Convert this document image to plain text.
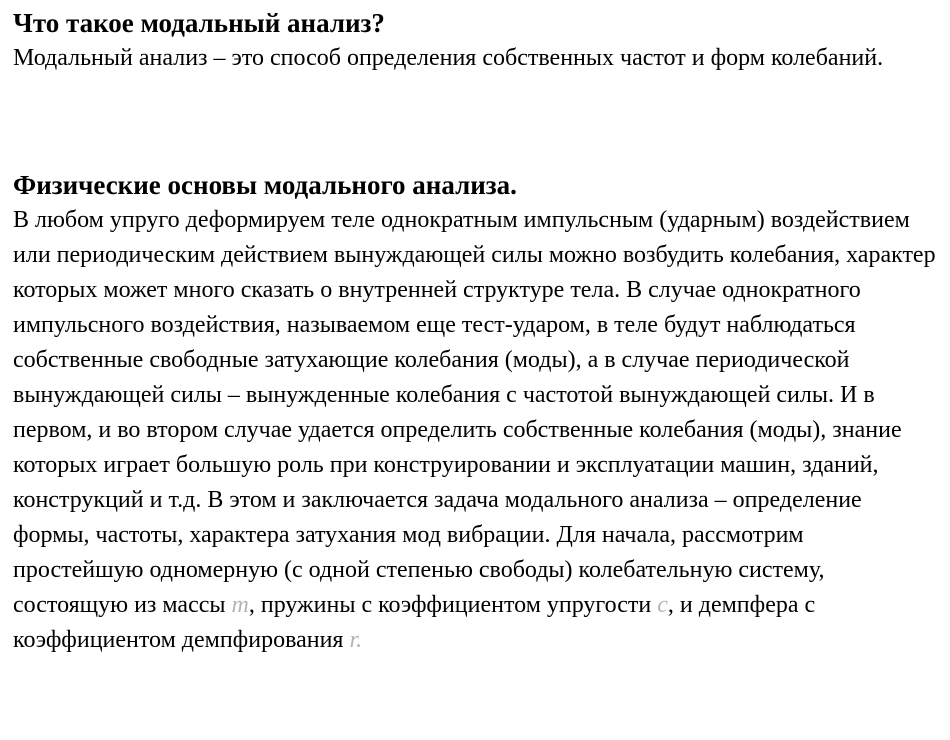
Что такое модальный анализ?

Модальный анализ – это способ определения собственных частот и форм колебаний.

Физические основы модального анализа.

В любом упруго деформируем теле однократным импульсным (ударным) воздействием или периодическим действием вынуждающей силы можно возбудить колебания, характер которых может много сказать о внутренней структуре тела. В случае однократного импульсного воздействия, называемом еще тест-ударом, в теле будут наблюдаться собственные свободные затухающие колебания (моды), а в случае периодической вынуждающей силы – вынужденные колебания с частотой вынуждающей силы. И в первом, и во втором случае удается определить собственные колебания (моды), знание которых играет большую роль при конструировании и эксплуатации машин, зданий, конструкций и т.д. В этом и заключается задача модального анализа – определение формы, частоты, характера затухания мод вибрации. Для начала, рассмотрим простейшую одномерную (с одной степенью свободы) колебательную систему, состоящую из массы m, пружины с коэффициентом упругости c, и демпфера с коэффициентом демпфирования r.
